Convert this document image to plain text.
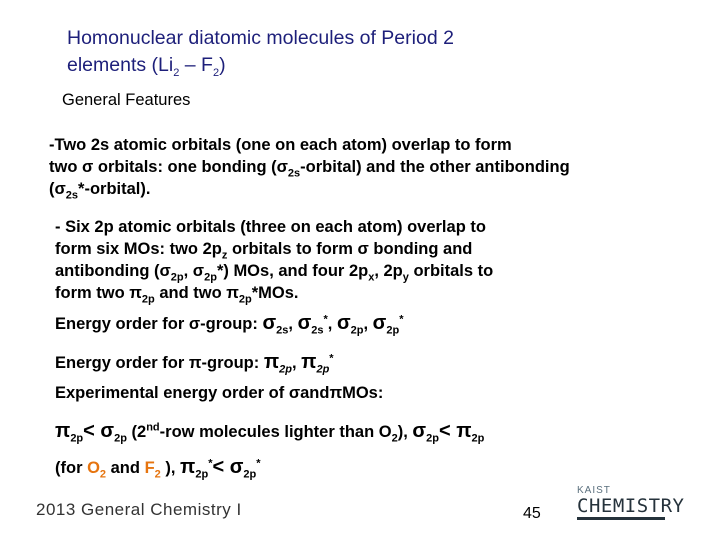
Homonuclear diatomic molecules of Period 2
elements $(Li_2 - F_2)$
General Features
-Two 2s atomic orbitals (one on each atom) overlap to form
two σ orbitals: one bonding $(\sigma_{2s}-orbital)$ and the other antibonding
$(\sigma_{2s}*-orbital)$.
- Six 2p atomic orbitals (three on each atom) overlap to
form six MOs: two $2p_z$ orbitals to form σ bonding and
antibonding ($\sigma_{2p}$, $\sigma_{2p}*$) MOs, and four $2p_x$, $2p_y$ orbitals to
form two $\pi_{2p}$ and two $\pi_{2p}*MOs$.
Energy order for σ-group: $\sigma_{2s}$, $\sigma_{2s}^*$, $\sigma_{2p}$, $\sigma_{2p}^*$
Energy order for π-group: $\pi_{2p}$, $\pi_{2p}^*$
Experimental energy order of σandπMOs:
$\pi_{2p}< \sigma_{2p}$ (2nd-row molecules lighter than $O_2$), $\sigma_{2p}< \pi_{2p}$
(for $O_2$ and $F_2$ ), $\pi_{2p}^*< \sigma_{2p}^*$
2013 General Chemistry I	45
KAIST
CHEMISTRY
